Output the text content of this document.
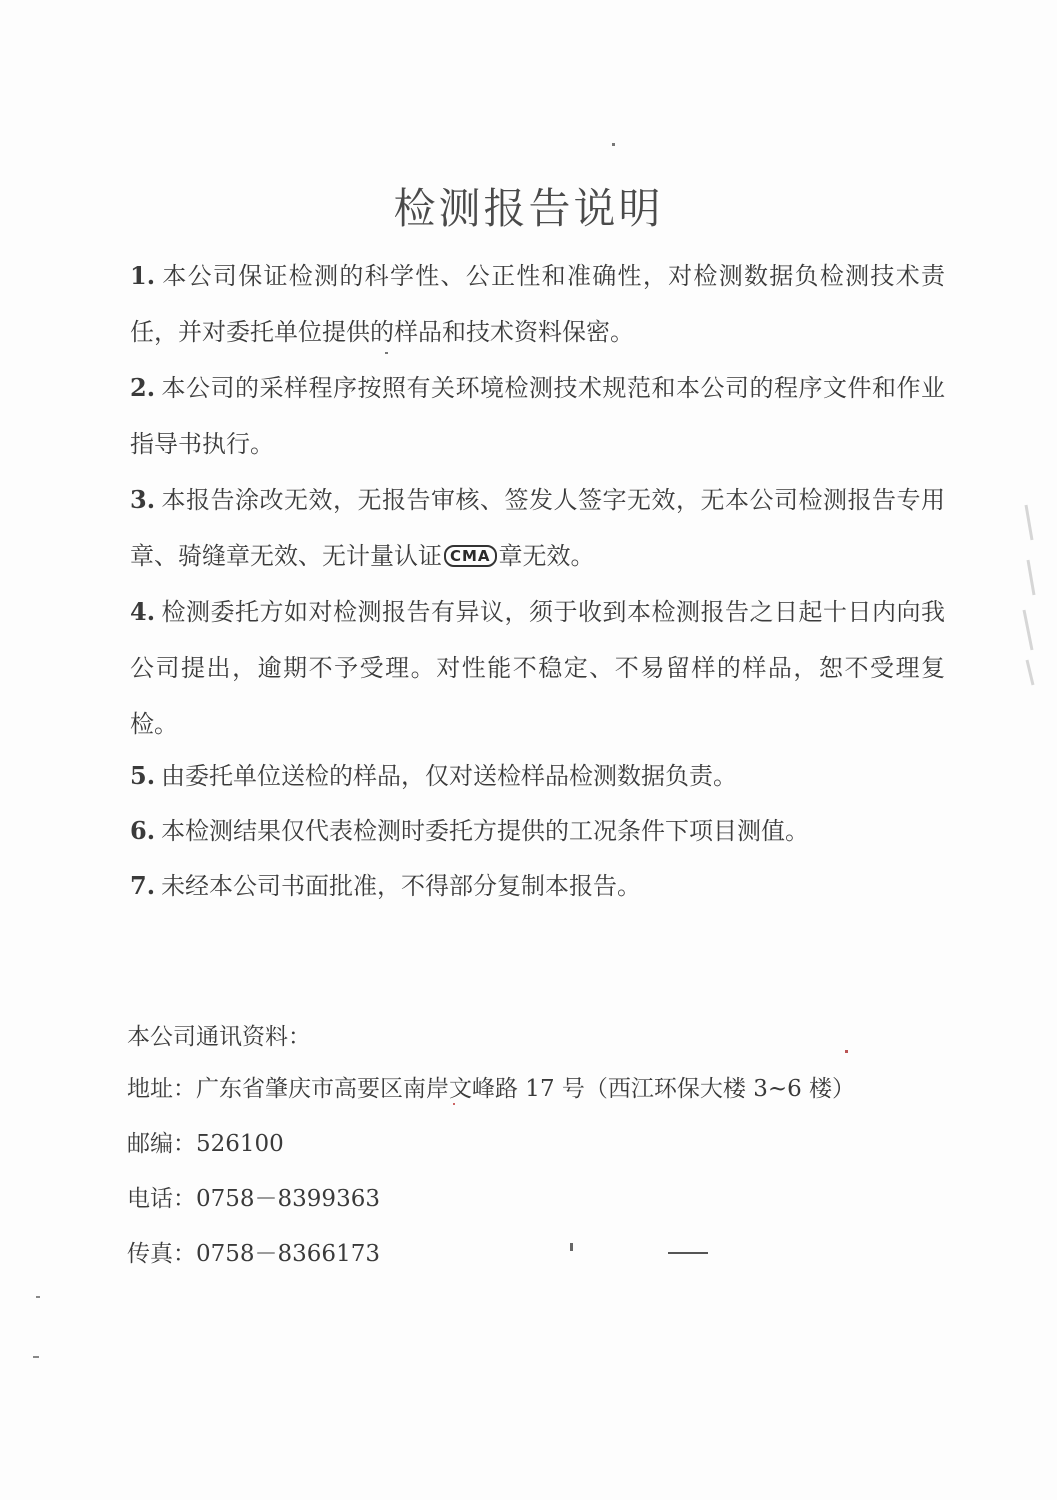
检测报告说明
1. 本公司保证检测的科学性、公正性和准确性，对检测数据负检测技术责任，并对委托单位提供的样品和技术资料保密。
2. 本公司的采样程序按照有关环境检测技术规范和本公司的程序文件和作业指导书执行。
3. 本报告涂改无效，无报告审核、签发人签字无效，无本公司检测报告专用章、骑缝章无效、无计量认证 CMA 章无效。
4. 检测委托方如对检测报告有异议，须于收到本检测报告之日起十日内向我公司提出，逾期不予受理。对性能不稳定、不易留样的样品，恕不受理复检。
5. 由委托单位送检的样品，仅对送检样品检测数据负责。
6. 本检测结果仅代表检测时委托方提供的工况条件下项目测值。
7. 未经本公司书面批准，不得部分复制本报告。
本公司通讯资料：
地址：广东省肇庆市高要区南岸文峰路 17 号（西江环保大楼 3~6 楼）
邮编：526100
电话：0758－8399363
传真：0758－8366173
